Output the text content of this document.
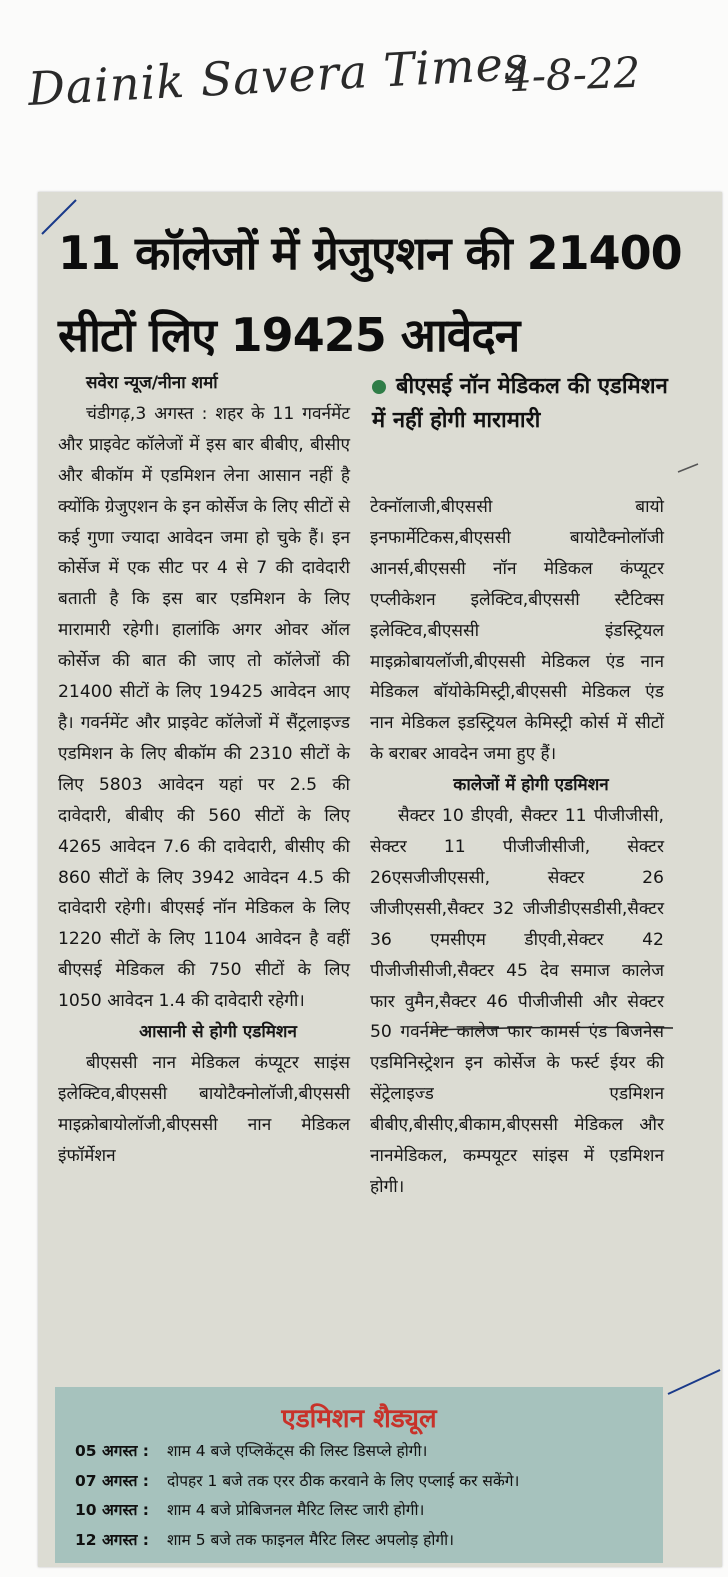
Dainik Savera Times
4-8-22
11 कॉलेजों में ग्रेजुएशन की 21400
सीटों लिए 19425 आवेदन

सवेरा न्यूज/नीना शर्मा

चंडीगढ़,3 अगस्त : शहर के 11 गवर्नमेंट और प्राइवेट कॉलेजों में इस बार बीबीए, बीसीए और बीकॉम में एडमिशन लेना आसान नहीं है क्योंकि ग्रेजुएशन के इन कोर्सेज के लिए सीटों से कई गुणा ज्यादा आवेदन जमा हो चुके हैं। इन कोर्सेज में एक सीट पर 4 से 7 की दावेदारी बताती है कि इस बार एडमिशन के लिए मारामारी रहेगी। हालांकि अगर ओवर ऑल कोर्सेज की बात की जाए तो कॉलेजों की 21400 सीटों के लिए 19425 आवेदन आए है। गवर्नमेंट और प्राइवेट कॉलेजों में सैंट्रलाइज्ड एडमिशन के लिए बीकॉम की 2310 सीटों के लिए 5803 आवेदन यहां पर 2.5 की दावेदारी, बीबीए की 560 सीटों के लिए 4265 आवेदन 7.6 की दावेदारी, बीसीए की 860 सीटों के लिए 3942 आवेदन 4.5 की दावेदारी रहेगी। बीएसई नॉन मेडिकल के लिए 1220 सीटों के लिए 1104 आवेदन है वहीं बीएसई मेडिकल की 750 सीटों के लिए 1050 आवेदन 1.4 की दावेदारी रहेगी।

आसानी से होगी एडमिशन

बीएससी नान मेडिकल कंप्यूटर साइंस इलेक्टिव,बीएससी बायोटैक्नोलॉजी,बीएससी माइक्रोबायोलॉजी,बीएससी नान मेडिकल इंफॉर्मेशन

बीएसई नॉन मेडिकल की एडमिशन में नहीं होगी मारामारी

टेक्नॉलाजी,बीएससी बायो इनफार्मेटिकस,बीएससी बायोटैक्नोलॉजी आनर्स,बीएससी नॉन मेडिकल कंप्यूटर एप्लीकेशन इलेक्टिव,बीएससी स्टैटिक्स इलेक्टिव,बीएससी इंडस्ट्रियल माइक्रोबायलॉजी,बीएससी मेडिकल एंड नान मेडिकल बॉयोकेमिस्ट्री,बीएससी मेडिकल एंड नान मेडिकल इडस्ट्रियल केमिस्ट्री कोर्स में सीटों के बराबर आवदेन जमा हुए हैं।

कालेजों में होगी एडमिशन

सैक्टर 10 डीएवी, सैक्टर 11 पीजीजीसी, सेक्टर 11 पीजीजीसीजी, सेक्टर 26एसजीजीएससी, सेक्टर 26 जीजीएससी,सैक्टर 32 जीजीडीएसडीसी,सैक्टर 36 एमसीएम डीएवी,सेक्टर 42 पीजीजीसीजी,सैक्टर 45 देव समाज कालेज फार वुमैन,सैक्टर 46 पीजीजीसी और सेक्टर 50 गवर्नमेट कालेज फार कामर्स एंड बिजनेस एडमिनिस्ट्रेशन इन कोर्सेज के फर्स्ट ईयर की सेंट्रेलाइज्ड एडमिशन बीबीए,बीसीए,बीकाम,बीएससी मेडिकल और नानमेडिकल, कम्पयूटर सांइस में एडमिशन होगी।

एडमिशन शैड्यूल
05 अगस्त :	शाम 4 बजे एप्लिकेंट्स की लिस्ट डिसप्ले होगी।
07 अगस्त :	दोपहर 1 बजे तक एरर ठीक करवाने के लिए एप्लाई कर सकेंगे।
10 अगस्त :	शाम 4 बजे प्रोबिजनल मैरिट लिस्ट जारी होगी।
12 अगस्त :	शाम 5 बजे तक फाइनल मैरिट लिस्ट अपलोड़ होगी।
